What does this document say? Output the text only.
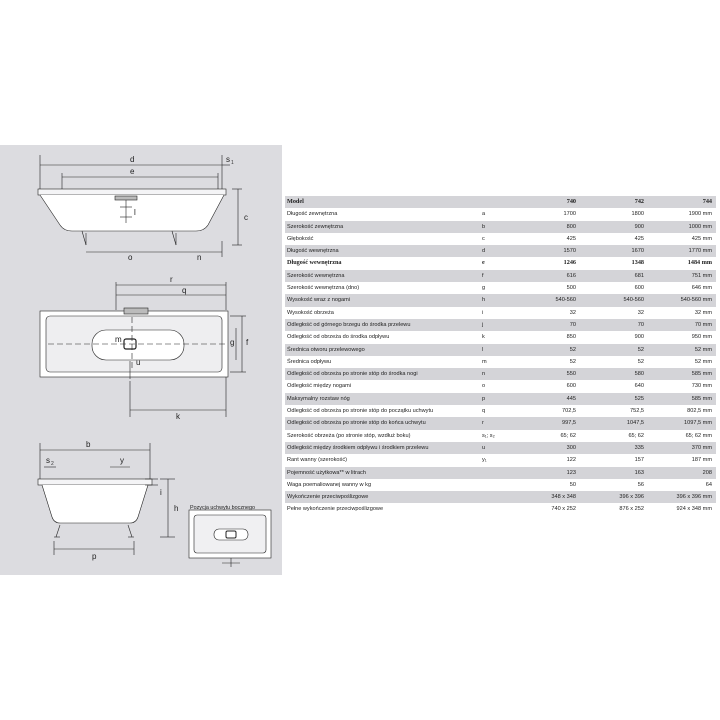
d	s 1
e
c
l
o	n
r
q
g f
m
u
k
b
s 2	y
h
i
p
Pozycja uchwytu bocznego
Model		740	742	744
Długość zewnętrzna	a	1700	1800	1900 mm
Szerokość zewnętrzna	b	800	900	1000 mm
Głębokość	c	425	425	425 mm
Długość wewnętrzna	d	1570	1670	1770 mm
Długość wewnętrzna	e	1246	1348	1484 mm
Szerokość wewnętrzna	f	616	681	751 mm
Szerokość wewnętrzna (dno)	g	500	600	646 mm
Wysokość wraz z nogami	h	540-560	540-560	540-560 mm
Wysokość obrzeża	i	32	32	32 mm
Odległość od górnego brzegu do środka przelewu	j	70	70	70 mm
Odległość od obrzeża do środka odpływu	k	850	900	950 mm
Średnica otworu przelewowego	l	52	52	52 mm
Średnica odpływu	m	52	52	52 mm
Odległość od obrzeża po stronie stóp do środka nogi	n	550	580	585 mm
Odległość między nogami	o	600	640	730 mm
Maksymalny rozstaw nóg	p	445	525	585 mm
Odległość od obrzeża po stronie stóp do początku uchwytu	q	702,5	752,5	802,5 mm
Odległość od obrzeża po stronie stóp do końca uchwytu	r	997,5	1047,5	1097,5 mm
Szerokość obrzeża (po stronie stóp, wzdłuż boku)	s₁; s₂	65; 62	65; 62	65; 62 mm
Odległość między środkiem odpływu i środkiem przelewu	u	300	335	370 mm
Rant wanny (szerokość)	y₁	122	157	187 mm
Pojemność użytkowa** w litrach		123	163	208
Waga poemaliowanej wanny w kg		50	56	64
Wykończenie przeciwpoślizgowe		348 x 348	396 x 396	396 x 396 mm
Pełne wykończenie przeciwpoślizgowe		740 x 252	876 x 252	924 x 348 mm
